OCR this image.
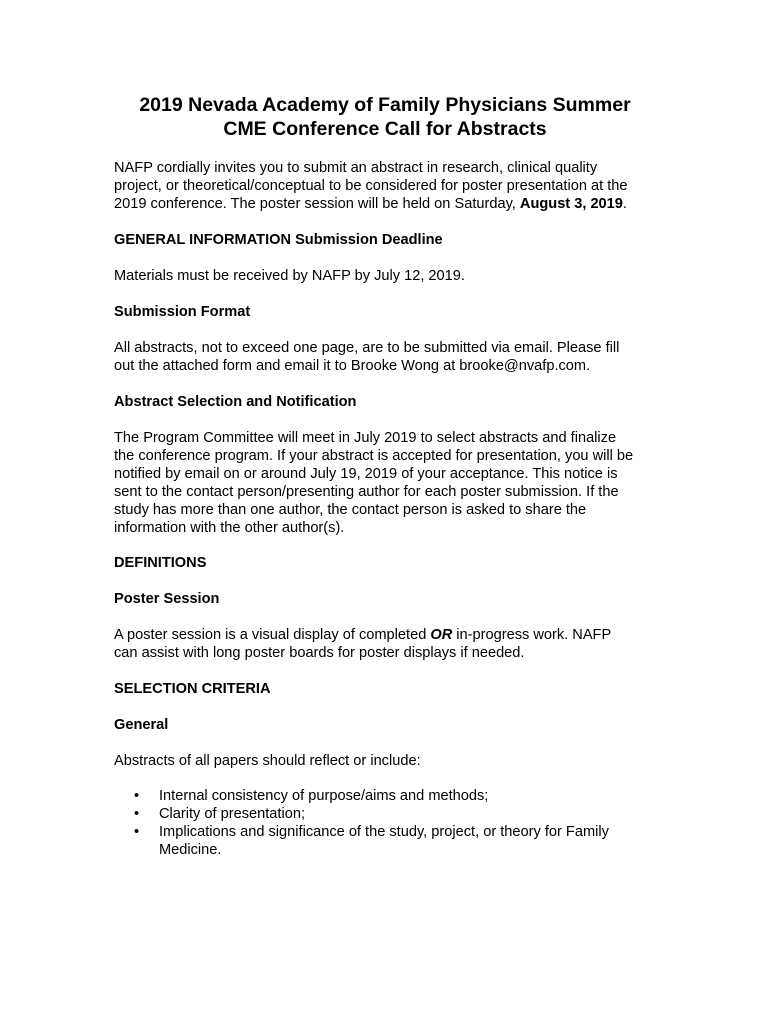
2019 Nevada Academy of Family Physicians Summer
CME Conference Call for Abstracts

NAFP cordially invites you to submit an abstract in research, clinical quality
project, or theoretical/conceptual to be considered for poster presentation at the
2019 conference. The poster session will be held on Saturday, August 3, 2019.

GENERAL INFORMATION Submission Deadline

Materials must be received by NAFP by July 12, 2019.

Submission Format

All abstracts, not to exceed one page, are to be submitted via email. Please fill
out the attached form and email it to Brooke Wong at brooke@nvafp.com.

Abstract Selection and Notification

The Program Committee will meet in July 2019 to select abstracts and finalize
the conference program. If your abstract is accepted for presentation, you will be
notified by email on or around July 19, 2019 of your acceptance. This notice is
sent to the contact person/presenting author for each poster submission. If the
study has more than one author, the contact person is asked to share the
information with the other author(s).

DEFINITIONS

Poster Session

A poster session is a visual display of completed OR in-progress work. NAFP
can assist with long poster boards for poster displays if needed.

SELECTION CRITERIA

General

Abstracts of all papers should reflect or include:

• Internal consistency of purpose/aims and methods;
• Clarity of presentation;
• Implications and significance of the study, project, or theory for Family
Medicine.
